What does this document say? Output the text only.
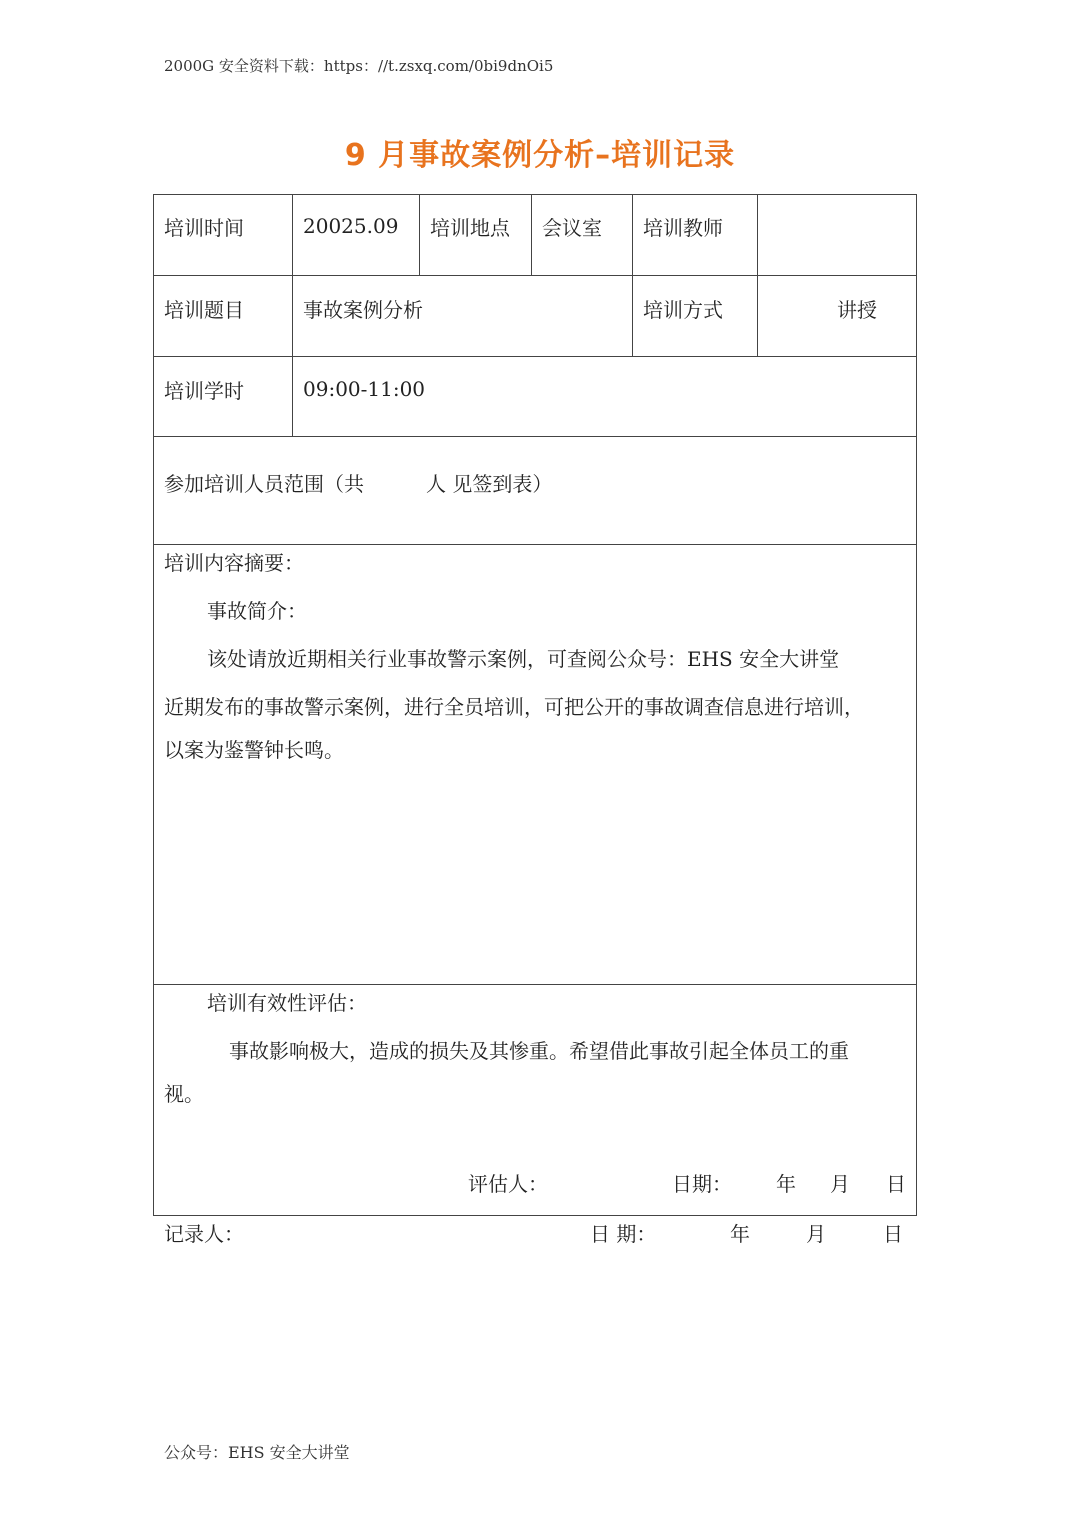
2000G 安全资料下载：https：//t.zsxq.com/0bi9dnOi5
9 月事故案例分析–培训记录
培训时间	20025.09 培训地点 会议室 培训教师
培训题目	事故案例分析	培训方式	讲授
培训学时	09:00-11:00
参加培训人员范围（共	人 见签到表）
培训内容摘要：
事故简介：
该处请放近期相关行业事故警示案例，可查阅公众号：EHS 安全大讲堂
近期发布的事故警示案例，进行全员培训，可把公开的事故调查信息进行培训，
以案为鉴警钟长鸣。
培训有效性评估：
事故影响极大，造成的损失及其惨重。希望借此事故引起全体员工的重
视。
评估人：	日期： 年 月 日
记录人：	日 期：	年	月	日
公众号：EHS 安全大讲堂
